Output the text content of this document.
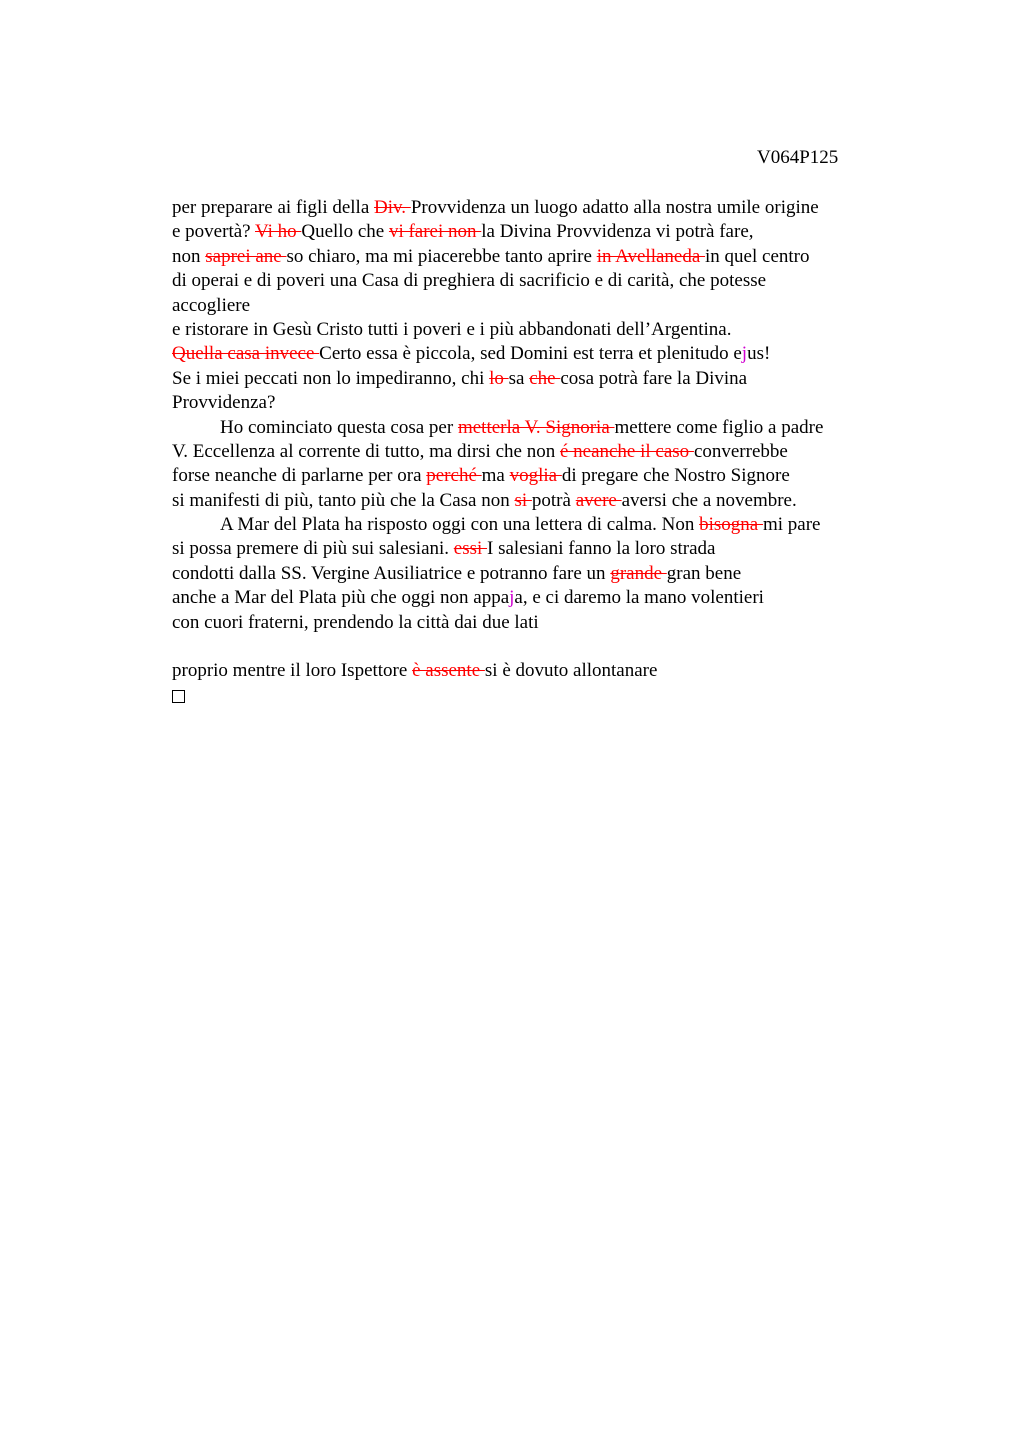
V064P125
per preparare ai figli della Div. Provvidenza un luogo adatto alla nostra umile origine
e povertà? Vi ho Quello che vi farei non la Divina Provvidenza vi potrà fare,
non saprei ane so chiaro, ma mi piacerebbe tanto aprire in Avellaneda in quel centro
di operai e di poveri una Casa di preghiera di sacrificio e di carità, che potesse
accogliere
e ristorare in Gesù Cristo tutti i poveri e i più abbandonati dell’Argentina.
Quella casa invece Certo essa è piccola, sed Domini est terra et plenitudo ejus!
Se i miei peccati non lo impediranno, chi lo sa che cosa potrà fare la Divina
Provvidenza?
Ho cominciato questa cosa per metterla V. Signoria mettere come figlio a padre
V. Eccellenza al corrente di tutto, ma dirsi che non é neanche il caso converrebbe
forse neanche di parlarne per ora perché ma voglia di pregare che Nostro Signore
si manifesti di più, tanto più che la Casa non si potrà avere aversi che a novembre.
A Mar del Plata ha risposto oggi con una lettera di calma. Non bisogna mi pare
si possa premere di più sui salesiani. essi I salesiani fanno la loro strada
condotti dalla SS. Vergine Ausiliatrice e potranno fare un grande gran bene
anche a Mar del Plata più che oggi non appaja, e ci daremo la mano volentieri
con cuori fraterni, prendendo la città dai due lati
proprio mentre il loro Ispettore è assente si è dovuto allontanare
